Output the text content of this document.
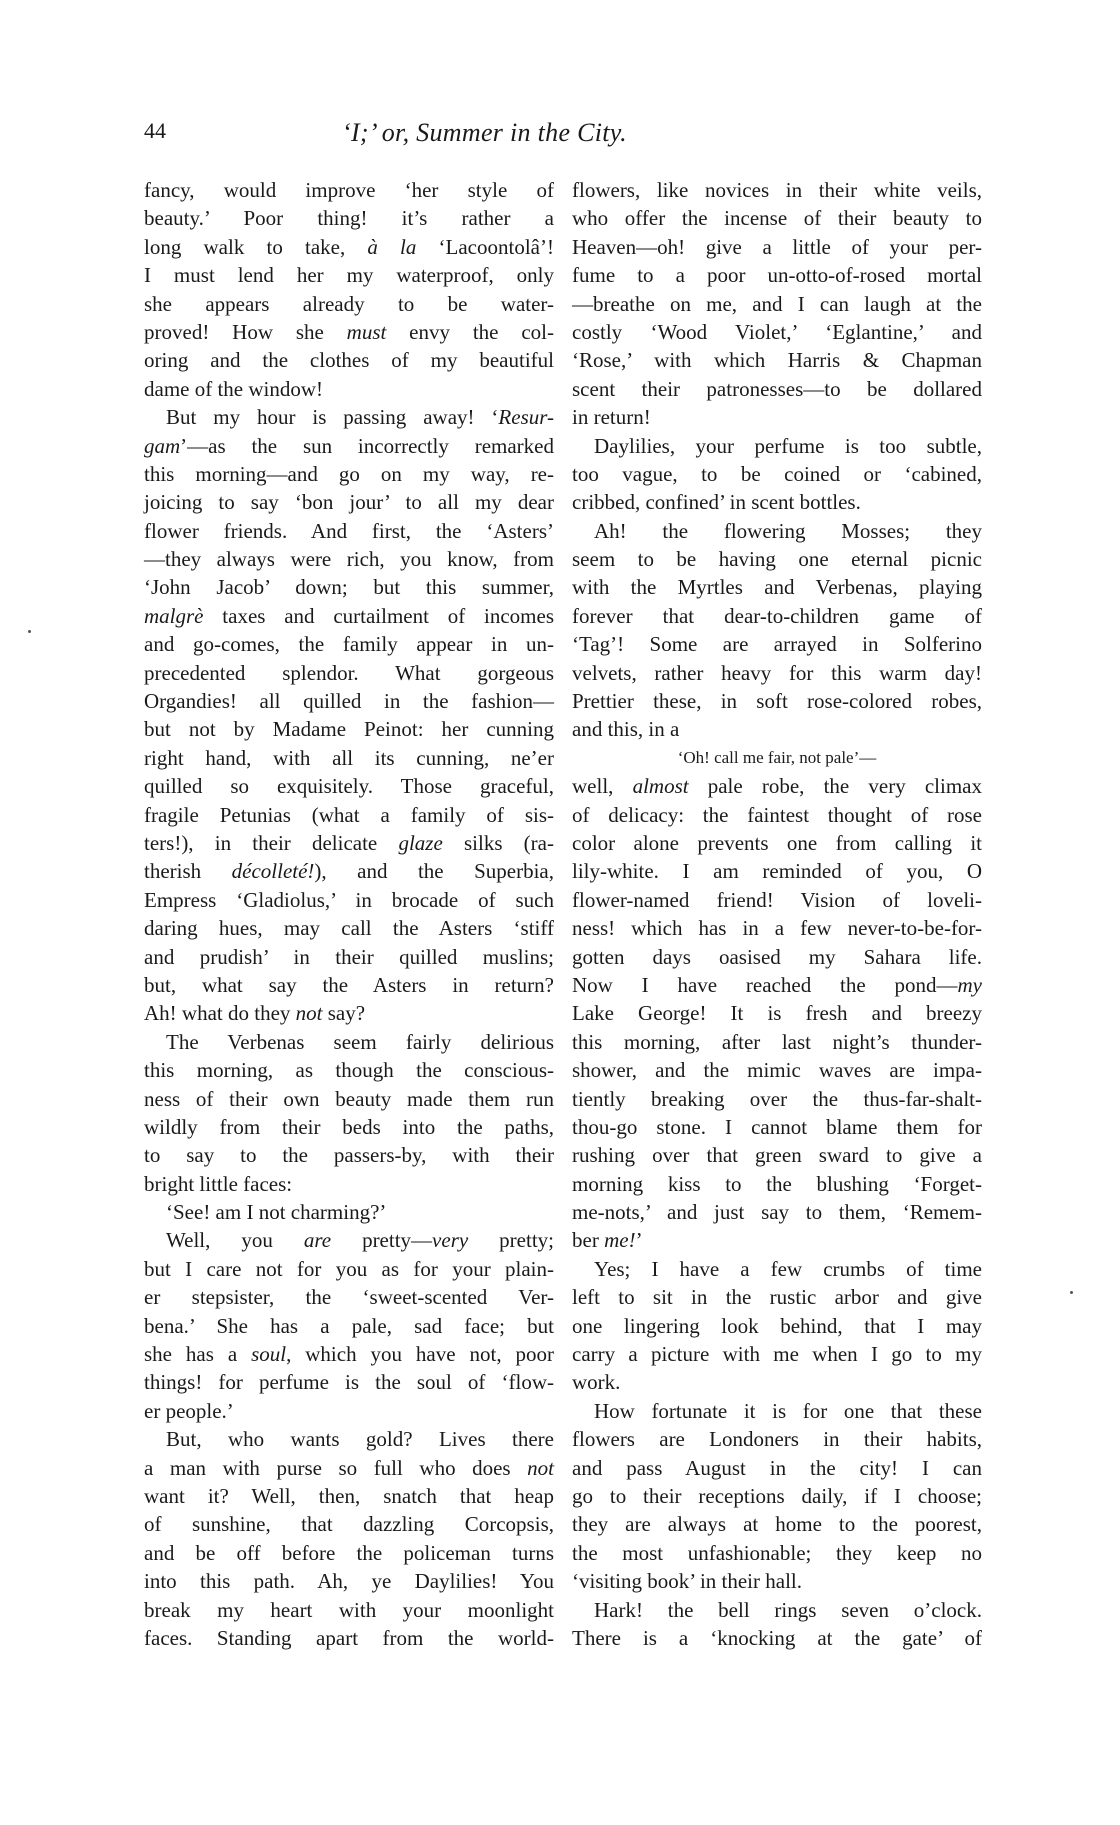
44	‘I;’ or, Summer in the City.
fancy, would improve ‘her style of
beauty.’ Poor thing! it’s rather a
long walk to take, à la ‘Lacoontolâ’!
I must lend her my waterproof, only
she appears already to be water-
proved! How she must envy the col-
oring and the clothes of my beautiful
dame of the window!
But my hour is passing away! ‘Resur-
gam’—as the sun incorrectly remarked
this morning—and go on my way, re-
joicing to say ‘bon jour’ to all my dear
flower friends. And first, the ‘Asters’
—they always were rich, you know, from
‘John Jacob’ down; but this summer,
malgrè taxes and curtailment of incomes
and go-comes, the family appear in un-
precedented splendor. What gorgeous
Organdies! all quilled in the fashion—
but not by Madame Peinot: her cunning
right hand, with all its cunning, ne’er
quilled so exquisitely. Those graceful,
fragile Petunias (what a family of sis-
ters!), in their delicate glaze silks (ra-
therish décolleté!), and the Superbia,
Empress ‘Gladiolus,’ in brocade of such
daring hues, may call the Asters ‘stiff
and prudish’ in their quilled muslins;
but, what say the Asters in return?
Ah! what do they not say?
The Verbenas seem fairly delirious
this morning, as though the conscious-
ness of their own beauty made them run
wildly from their beds into the paths,
to say to the passers-by, with their
bright little faces:
‘See! am I not charming?’
Well, you are pretty—very pretty;
but I care not for you as for your plain-
er stepsister, the ‘sweet-scented Ver-
bena.’ She has a pale, sad face; but
she has a soul, which you have not, poor
things! for perfume is the soul of ‘flow-
er people.’
But, who wants gold? Lives there
a man with purse so full who does not
want it? Well, then, snatch that heap
of sunshine, that dazzling Corcopsis,
and be off before the policeman turns
into this path. Ah, ye Daylilies! You
break my heart with your moonlight
faces. Standing apart from the world-
flowers, like novices in their white veils,
who offer the incense of their beauty to
Heaven—oh! give a little of your per-
fume to a poor un-otto-of-rosed mortal
—breathe on me, and I can laugh at the
costly ‘Wood Violet,’ ‘Eglantine,’ and
‘Rose,’ with which Harris & Chapman
scent their patronesses—to be dollared
in return!
Daylilies, your perfume is too subtle,
too vague, to be coined or ‘cabined,
cribbed, confined’ in scent bottles.
Ah! the flowering Mosses; they
seem to be having one eternal picnic
with the Myrtles and Verbenas, playing
forever that dear-to-children game of
‘Tag’! Some are arrayed in Solferino
velvets, rather heavy for this warm day!
Prettier these, in soft rose-colored robes,
and this, in a
‘Oh! call me fair, not pale’—
well, almost pale robe, the very climax
of delicacy: the faintest thought of rose
color alone prevents one from calling it
lily-white. I am reminded of you, O
flower-named friend! Vision of loveli-
ness! which has in a few never-to-be-for-
gotten days oasised my Sahara life.
Now I have reached the pond—my
Lake George! It is fresh and breezy
this morning, after last night’s thunder-
shower, and the mimic waves are impa-
tiently breaking over the thus-far-shalt-
thou-go stone. I cannot blame them for
rushing over that green sward to give a
morning kiss to the blushing ‘Forget-
me-nots,’ and just say to them, ‘Remem-
ber me!’
Yes; I have a few crumbs of time
left to sit in the rustic arbor and give
one lingering look behind, that I may
carry a picture with me when I go to my
work.
How fortunate it is for one that these
flowers are Londoners in their habits,
and pass August in the city! I can
go to their receptions daily, if I choose;
they are always at home to the poorest,
the most unfashionable; they keep no
‘visiting book’ in their hall.
Hark! the bell rings seven o’clock.
There is a ‘knocking at the gate’ of
